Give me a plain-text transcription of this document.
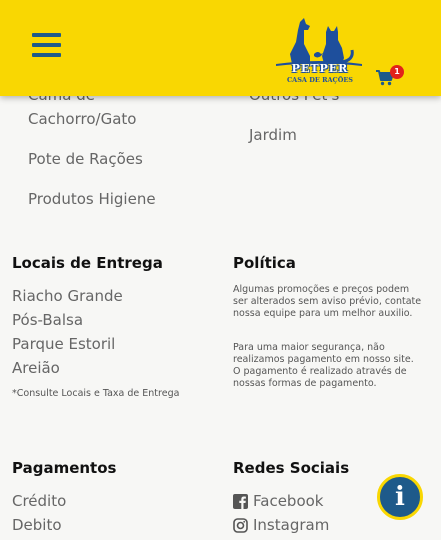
Cachorro/Gato
Pote de Rações
Produtos Higiene
Jardim
PETPER
CASA DE RAÇÕES
1
Locais de Entrega
Riacho Grande
Pós-Balsa
Parque Estoril
Areião
*Consulte Locais e Taxa de Entrega
Política
Algumas promoções e preços podem
ser alterados sem aviso prévio, contate
nossa equipe para um melhor auxilio.
Para uma maior segurança, não
realizamos pagamento em nosso site.
O pagamento é realizado através de
nossas formas de pagamento.
Pagamentos
Crédito
Debito
Redes Sociais
Facebook
Instagram
i
